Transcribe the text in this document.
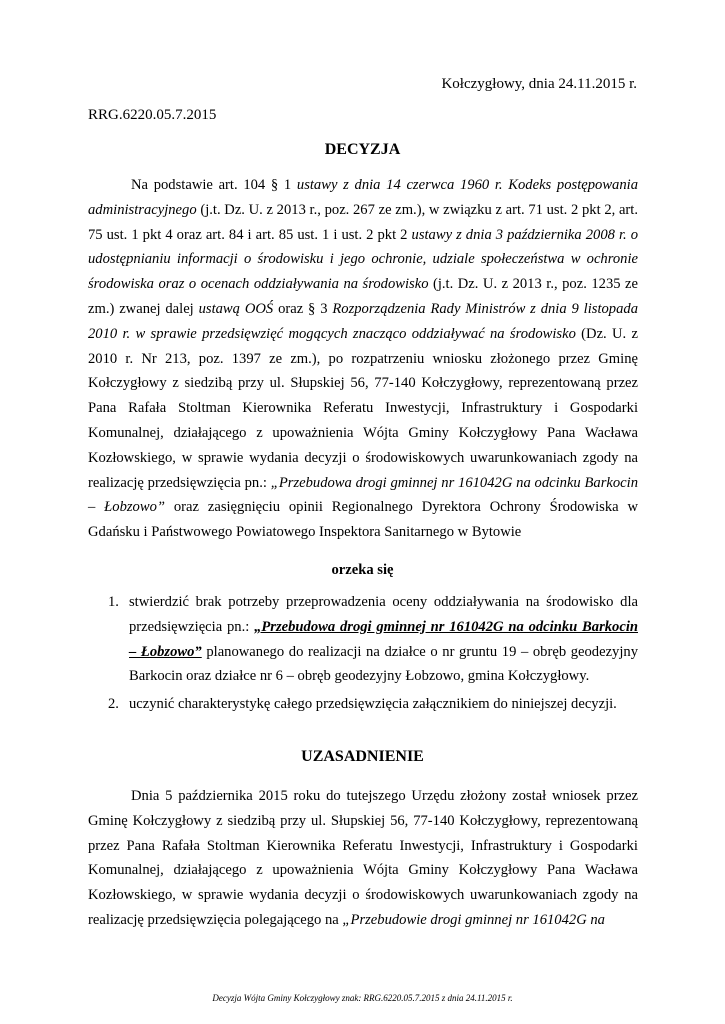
Kołczygłowy, dnia 24.11.2015 r.
RRG.6220.05.7.2015
DECYZJA
Na podstawie art. 104 § 1 ustawy z dnia 14 czerwca 1960 r. Kodeks postępowania administracyjnego (j.t. Dz. U. z 2013 r., poz. 267 ze zm.), w związku z art. 71 ust. 2 pkt 2, art. 75 ust. 1 pkt 4 oraz art. 84 i art. 85 ust. 1 i ust. 2 pkt 2 ustawy z dnia 3 października 2008 r. o udostępnianiu informacji o środowisku i jego ochronie, udziale społeczeństwa w ochronie środowiska oraz o ocenach oddziaływania na środowisko (j.t. Dz. U. z 2013 r., poz. 1235 ze zm.) zwanej dalej ustawą OOŚ oraz § 3 Rozporządzenia Rady Ministrów z dnia 9 listopada 2010 r. w sprawie przedsięwzięć mogących znacząco oddziaływać na środowisko (Dz. U. z 2010 r. Nr 213, poz. 1397 ze zm.), po rozpatrzeniu wniosku złożonego przez Gminę Kołczygłowy z siedzibą przy ul. Słupskiej 56, 77-140 Kołczygłowy, reprezentowaną przez Pana Rafała Stoltman Kierownika Referatu Inwestycji, Infrastruktury i Gospodarki Komunalnej, działającego z upoważnienia Wójta Gminy Kołczygłowy Pana Wacława Kozłowskiego, w sprawie wydania decyzji o środowiskowych uwarunkowaniach zgody na realizację przedsięwzięcia pn.: „Przebudowa drogi gminnej nr 161042G na odcinku Barkocin – Łobzowo” oraz zasięgnięciu opinii Regionalnego Dyrektora Ochrony Środowiska w Gdańsku i Państwowego Powiatowego Inspektora Sanitarnego w Bytowie
orzeka się
1. stwierdzić brak potrzeby przeprowadzenia oceny oddziaływania na środowisko dla przedsięwzięcia pn.: „Przebudowa drogi gminnej nr 161042G na odcinku Barkocin – Łobzowo” planowanego do realizacji na działce o nr gruntu 19 – obręb geodezyjny Barkocin oraz działce nr 6 – obręb geodezyjny Łobzowo, gmina Kołczygłowy.
2. uczynić charakterystykę całego przedsięwzięcia załącznikiem do niniejszej decyzji.
UZASADNIENIE
Dnia 5 października 2015 roku do tutejszego Urzędu złożony został wniosek przez Gminę Kołczygłowy z siedzibą przy ul. Słupskiej 56, 77-140 Kołczygłowy, reprezentowaną przez Pana Rafała Stoltman Kierownika Referatu Inwestycji, Infrastruktury i Gospodarki Komunalnej, działającego z upoważnienia Wójta Gminy Kołczygłowy Pana Wacława Kozłowskiego, w sprawie wydania decyzji o środowiskowych uwarunkowaniach zgody na realizację przedsięwzięcia polegającego na „Przebudowie drogi gminnej nr 161042G na
Decyzja Wójta Gminy Kołczygłowy znak: RRG.6220.05.7.2015 z dnia 24.11.2015 r.
